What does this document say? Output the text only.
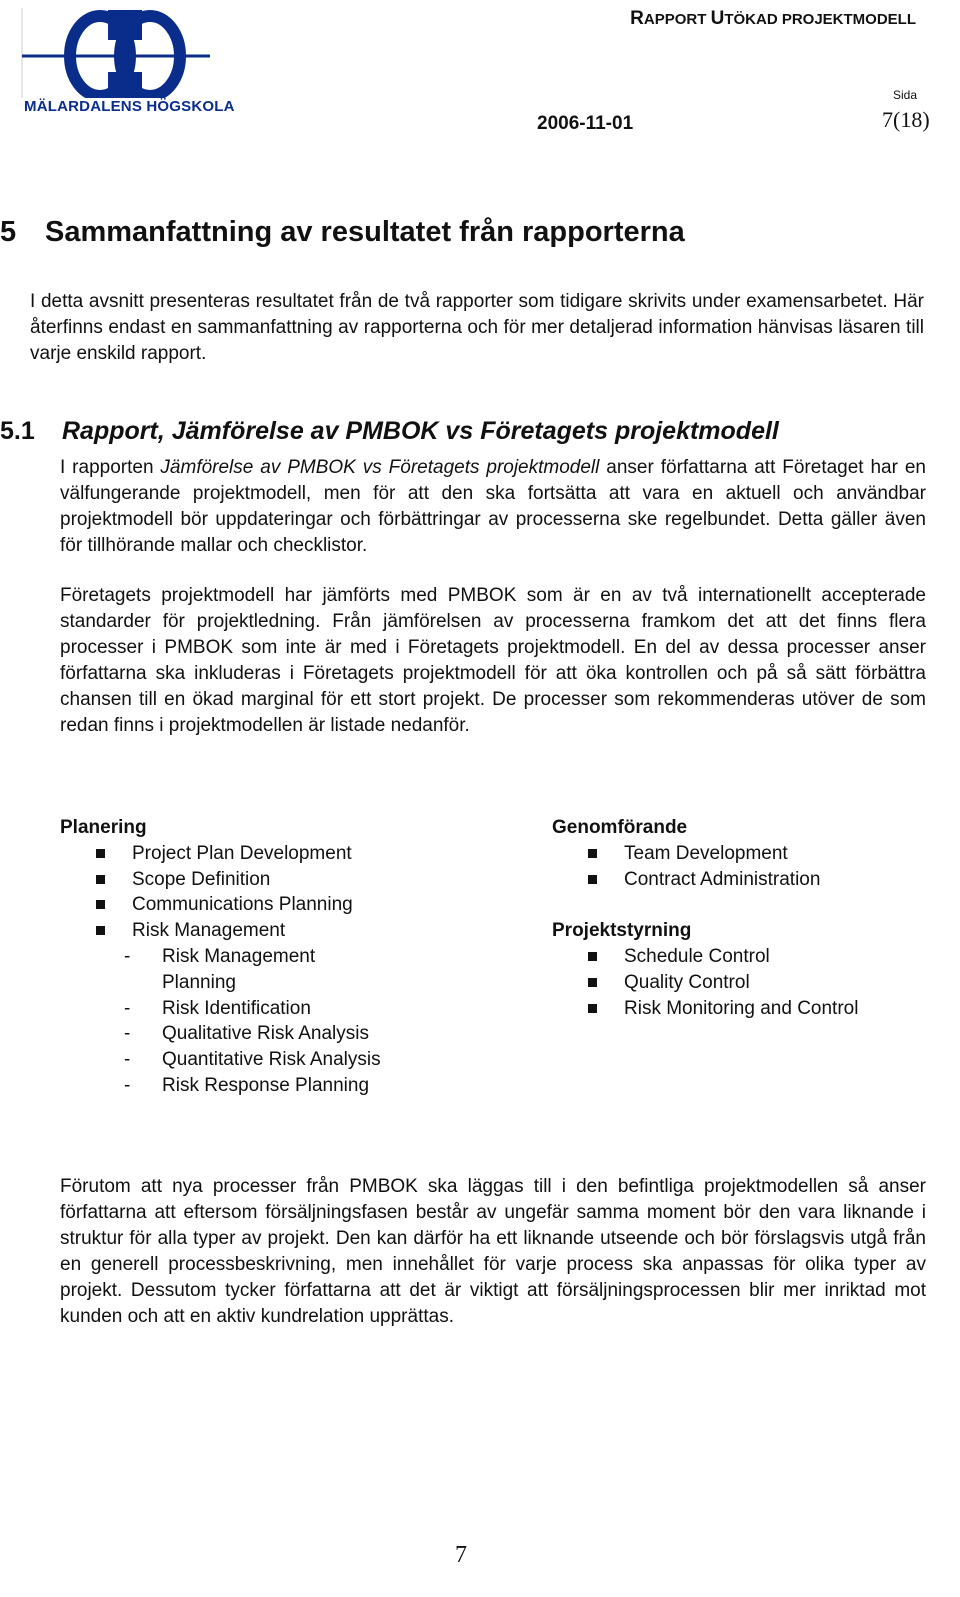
MÄLARDALENS HÖGSKOLA
RAPPORT UTÖKAD PROJEKTMODELL
Sida
2006-11-01	7(18)
5 Sammanfattning av resultatet från rapporterna
I detta avsnitt presenteras resultatet från de två rapporter som tidigare skrivits under examensarbetet. Här återfinns endast en sammanfattning av rapporterna och för mer detaljerad information hänvisas läsaren till varje enskild rapport.
5.1 Rapport, Jämförelse av PMBOK vs Företagets projektmodell
I rapporten Jämförelse av PMBOK vs Företagets projektmodell anser författarna att Företaget har en välfungerande projektmodell, men för att den ska fortsätta att vara en aktuell och användbar projektmodell bör uppdateringar och förbättringar av processerna ske regelbundet. Detta gäller även för tillhörande mallar och checklistor.
Företagets projektmodell har jämförts med PMBOK som är en av två internationellt accepterade standarder för projektledning. Från jämförelsen av processerna framkom det att det finns flera processer i PMBOK som inte är med i Företagets projektmodell. En del av dessa processer anser författarna ska inkluderas i Företagets projektmodell för att öka kontrollen och på så sätt förbättra chansen till en ökad marginal för ett stort projekt. De processer som rekommenderas utöver de som redan finns i projektmodellen är listade nedanför.
Planering
Project Plan Development
Scope Definition
Communications Planning
Risk Management
- Risk Management
Planning
- Risk Identification
- Qualitative Risk Analysis
- Quantitative Risk Analysis
- Risk Response Planning
Genomförande
Team Development
Contract Administration
Projektstyrning
Schedule Control
Quality Control
Risk Monitoring and Control
Förutom att nya processer från PMBOK ska läggas till i den befintliga projektmodellen så anser författarna att eftersom försäljningsfasen består av ungefär samma moment bör den vara liknande i struktur för alla typer av projekt. Den kan därför ha ett liknande utseende och bör förslagsvis utgå från en generell processbeskrivning, men innehållet för varje process ska anpassas för olika typer av projekt. Dessutom tycker författarna att det är viktigt att försäljningsprocessen blir mer inriktad mot kunden och att en aktiv kundrelation upprättas.
7
